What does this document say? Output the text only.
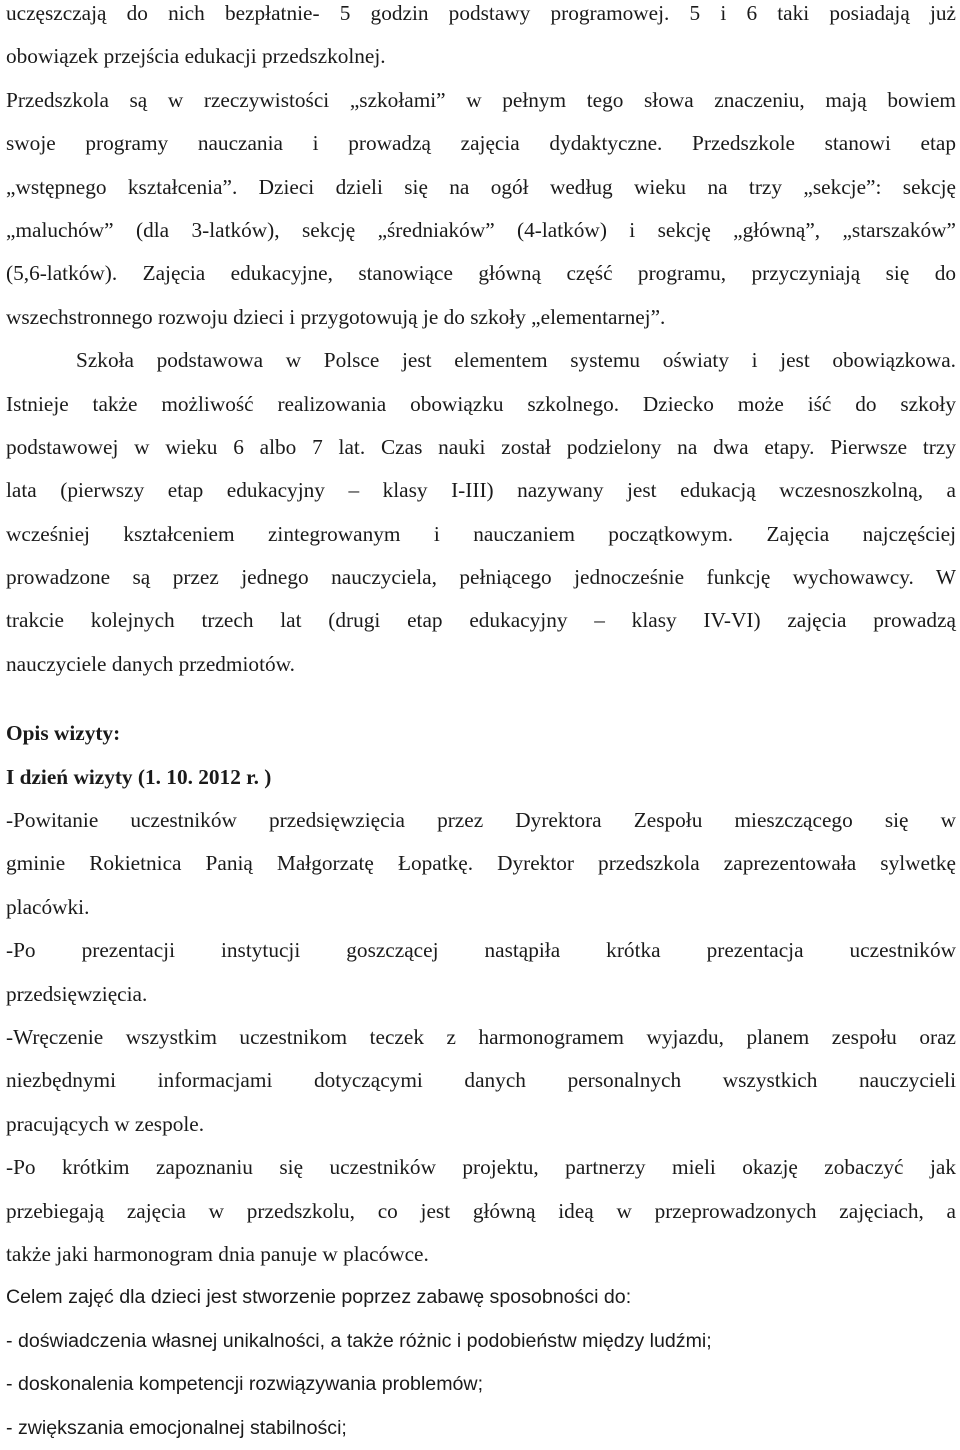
uczęszczają do nich bezpłatnie- 5 godzin podstawy programowej. 5 i 6 taki posiadają już
obowiązek przejścia edukacji przedszkolnej.
Przedszkola są w rzeczywistości „szkołami” w pełnym tego słowa znaczeniu, mają bowiem
swoje programy nauczania i prowadzą zajęcia dydaktyczne. Przedszkole stanowi etap
„wstępnego kształcenia”. Dzieci dzieli się na ogół według wieku na trzy „sekcje”: sekcję
„maluchów” (dla 3-latków), sekcję „średniaków” (4-latków) i sekcję „główną”, „starszaków”
(5,6-latków). Zajęcia edukacyjne, stanowiące główną część programu, przyczyniają się do
wszechstronnego rozwoju dzieci i przygotowują je do szkoły „elementarnej”.
Szkoła podstawowa w Polsce jest elementem systemu oświaty i jest obowiązkowa.
Istnieje także możliwość realizowania obowiązku szkolnego. Dziecko może iść do szkoły
podstawowej w wieku 6 albo 7 lat. Czas nauki został podzielony na dwa etapy. Pierwsze trzy
lata (pierwszy etap edukacyjny – klasy I-III) nazywany jest edukacją wczesnoszkolną, a
wcześniej kształceniem zintegrowanym i nauczaniem początkowym. Zajęcia najczęściej
prowadzone są przez jednego nauczyciela, pełniącego jednocześnie funkcję wychowawcy. W
trakcie kolejnych trzech lat (drugi etap edukacyjny – klasy IV-VI) zajęcia prowadzą
nauczyciele danych przedmiotów.
Opis wizyty:
I dzień wizyty (1. 10. 2012 r. )
-Powitanie uczestników przedsięwzięcia przez Dyrektora Zespołu mieszczącego się w
gminie Rokietnica Panią Małgorzatę Łopatkę. Dyrektor przedszkola zaprezentowała sylwetkę
placówki.
-Po prezentacji instytucji goszczącej nastąpiła krótka prezentacja uczestników
przedsięwzięcia.
-Wręczenie wszystkim uczestnikom teczek z harmonogramem wyjazdu, planem zespołu oraz
niezbędnymi informacjami dotyczącymi danych personalnych wszystkich nauczycieli
pracujących w zespole.
-Po krótkim zapoznaniu się uczestników projektu, partnerzy mieli okazję zobaczyć jak
przebiegają zajęcia w przedszkolu, co jest główną ideą w przeprowadzonych zajęciach, a
także jaki harmonogram dnia panuje w placówce.
Celem zajęć dla dzieci jest stworzenie poprzez zabawę sposobności do:
- doświadczenia własnej unikalności, a także różnic i podobieństw między ludźmi;
- doskonalenia kompetencji rozwiązywania problemów;
- zwiększania emocjonalnej stabilności;
